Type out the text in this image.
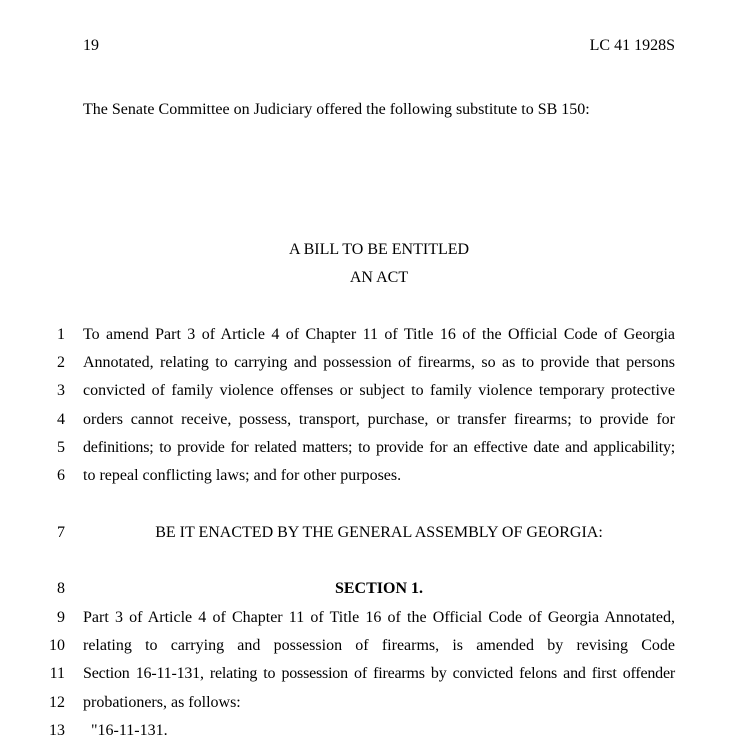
19	LC 41 1928S
The Senate Committee on Judiciary offered the following substitute to SB 150:
A BILL TO BE ENTITLED
AN ACT
1 To amend Part 3 of Article 4 of Chapter 11 of Title 16 of the Official Code of Georgia
2 Annotated, relating to carrying and possession of firearms, so as to provide that persons
3 convicted of family violence offenses or subject to family violence temporary protective
4 orders cannot receive, possess, transport, purchase, or transfer firearms; to provide for
5 definitions; to provide for related matters; to provide for an effective date and applicability;
6 to repeal conflicting laws; and for other purposes.
7	BE IT ENACTED BY THE GENERAL ASSEMBLY OF GEORGIA:
8	SECTION 1.
9 Part 3 of Article 4 of Chapter 11 of Title 16 of the Official Code of Georgia Annotated,
10 relating to carrying and possession of firearms, is amended by revising Code
11 Section 16-11-131, relating to possession of firearms by convicted felons and first offender
12 probationers, as follows:
13 "16-11-131.
